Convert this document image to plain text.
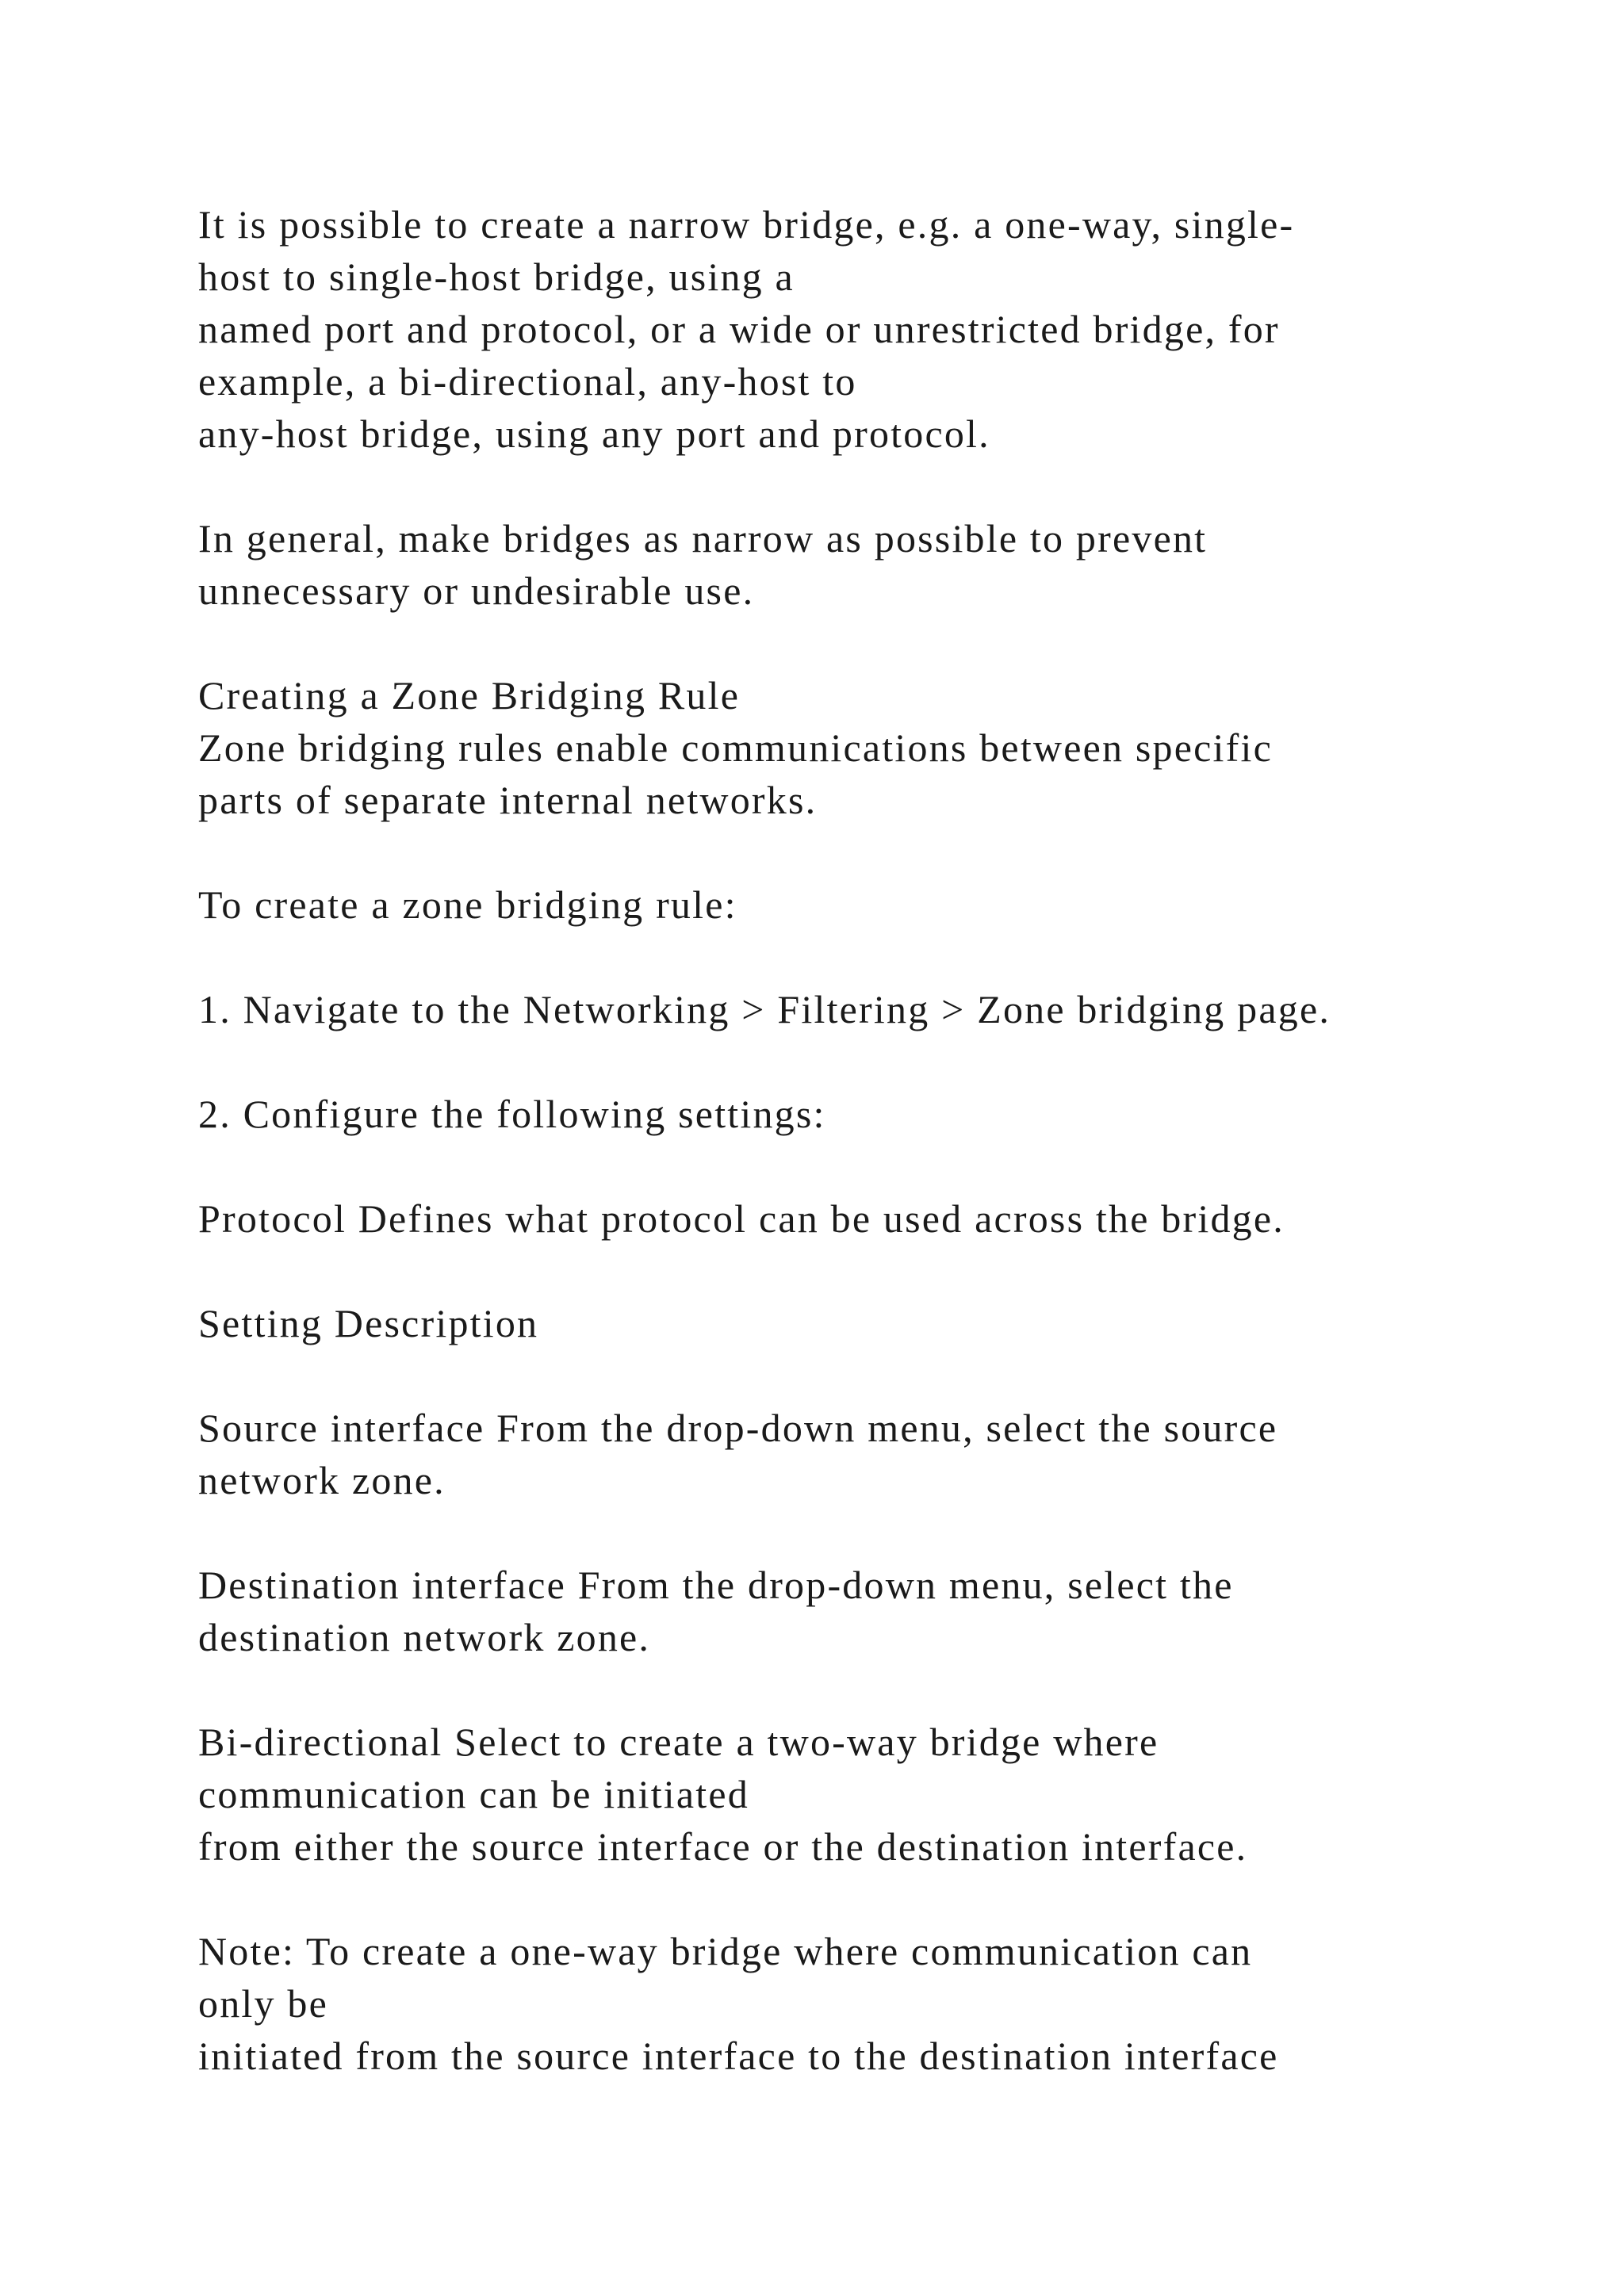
It is possible to create a narrow bridge, e.g. a one-way, single-
host to single-host bridge, using a
named port and protocol, or a wide or unrestricted bridge, for
example, a bi-directional, any-host to
any-host bridge, using any port and protocol.
In general, make bridges as narrow as possible to prevent
unnecessary or undesirable use.
Creating a Zone Bridging Rule
Zone bridging rules enable communications between specific
parts of separate internal networks.
To create a zone bridging rule:
1. Navigate to the Networking > Filtering > Zone bridging page.
2. Configure the following settings:
Protocol Defines what protocol can be used across the bridge.
Setting Description
Source interface From the drop-down menu, select the source
network zone.
Destination interface From the drop-down menu, select the
destination network zone.
Bi-directional Select to create a two-way bridge where
communication can be initiated
from either the source interface or the destination interface.
Note: To create a one-way bridge where communication can
only be
initiated from the source interface to the destination interface
